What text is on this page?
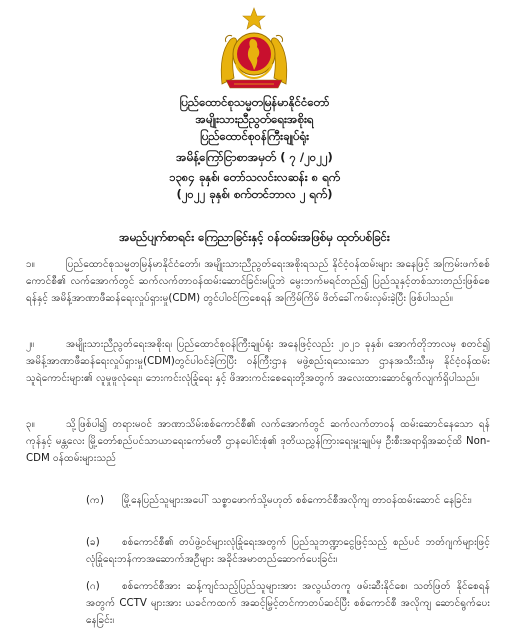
ပြည်ထောင်စုသမ္မတမြန်မာနိုင်ငံတော်
အမျိုးသားညီညွတ်ရေးအစိုးရ
ပြည်ထောင်စုဝန်ကြီးချုပ်ရုံး
အမိန့်ကြော်ငြာစာအမှတ် ( ၇ /၂၀၂၂)
၁၃၈၄ ခုနှစ်၊ တော်သလင်းလဆန်း ၈ ရက်
(၂၀၂၂ ခုနှစ်၊ စက်တင်ဘာလ ၂ ရက်)
အမည်ပျက်စာရင်း ကြေညာခြင်းနှင့် ဝန်ထမ်းအဖြစ်မှ ထုတ်ပစ်ခြင်း
၁။	ပြည်ထောင်စုသမ္မတမြန်မာနိုင်ငံတော်၊ အမျိုးသားညီညွတ်ရေးအစိုးရသည် နိုင်ငံ့ဝန်ထမ်းများ အနေဖြင့် အကြမ်းဖက်စစ်ကောင်စီ၏ လက်အောက်တွင် ဆက်လက်တာဝန်ထမ်းဆောင်ခြင်းမပြုဘဲ မွေးဘက်မရင်တည်၍ ပြည်သူနှင့်တစ်သားတည်းဖြစ်စေရန်နှင့် အမိန့်အာဏာဖီဆန်ရေးလှုပ်ရှားမှု(CDM) တွင်ပါဝင်ကြစေရန် အကြိမ်ကြိမ် ဖိတ်ခေါ်ကမ်းလှမ်းခဲ့ပြီး ဖြစ်ပါသည်။
၂။	အမျိုးသားညီညွတ်ရေးအစိုးရ၊ ပြည်ထောင်စုဝန်ကြီးချုပ်ရုံး အနေဖြင့်လည်း ၂၀၂၁ ခုနှစ်၊ အောက်တိုဘာလမှ စတင်၍ အမိန့်အာဏာဖီဆန်ရေးလှုပ်ရှားမှု(CDM)တွင်ပါဝင်ခဲ့ကြပြီး ဝန်ကြီးဌာန မဖွဲ့စည်းရသေးသော ဌာနအသီးသီးမှ နိုင်ငံ့ဝန်ထမ်းသူရဲကောင်းများ၏ လူမှုဖူလုံရေး၊ ဘေးကင်းလုံခြုံရေး နှင့် ဖိအားကင်းစေရေးတို့အတွက် အလေးထားဆောင်ရွက်လျက်ရှိပါသည်။
၃။	သို့ဖြစ်ပါ၍ တရားမဝင် အာဏာသိမ်းစစ်ကောင်စီ၏ လက်အောက်တွင် ဆက်လက်တာဝန် ထမ်းဆောင်နေသော ရန်ကုန်နှင့် မန္တလေး မြို့တော်စည်ပင်သာယာရေးကော်မတီ ဌာနပေါင်းစုံ၏ ဒုတိယညွှန်ကြားရေးမှူးချုပ်မှ ဦးစီးအရာရှိအဆင့်ထိ Non-CDM ဝန်ထမ်းများသည်
(က)	မြို့နေပြည်သူများအပေါ် သစ္စာဖောက်သို့မဟုတ် စစ်ကောင်စီအလိုကျ တာဝန်ထမ်းဆောင် နေခြင်း၊
(ခ)	စစ်ကောင်စီ၏ တပ်ဖွဲ့ဝင်များလုံခြုံရေးအတွက် ပြည်သူဘဏ္ဍာငွေဖြင့်သည့် စည်ပင် ဘတ်ဂျက်များဖြင့် လုံခြုံရေးဘန်ကာအဆောက်အဦများ အခိုင်အမာတည်ဆောက်ပေးခြင်း၊
(ဂ)	စစ်ကောင်စီအား ဆန့်ကျင်သည့်ပြည်သူများအား အလွယ်တကူ ဖမ်းဆီးနိုင်စေ၊ သတ်ဖြတ် နိုင်စေရန်အတွက် CCTV များအား ယခင်ကထက် အဆင့်မြှင့်တင်ကာတပ်ဆင်ပြီး စစ်ကောင်စီ အလိုကျ ဆောင်ရွက်ပေးနေခြင်း၊
